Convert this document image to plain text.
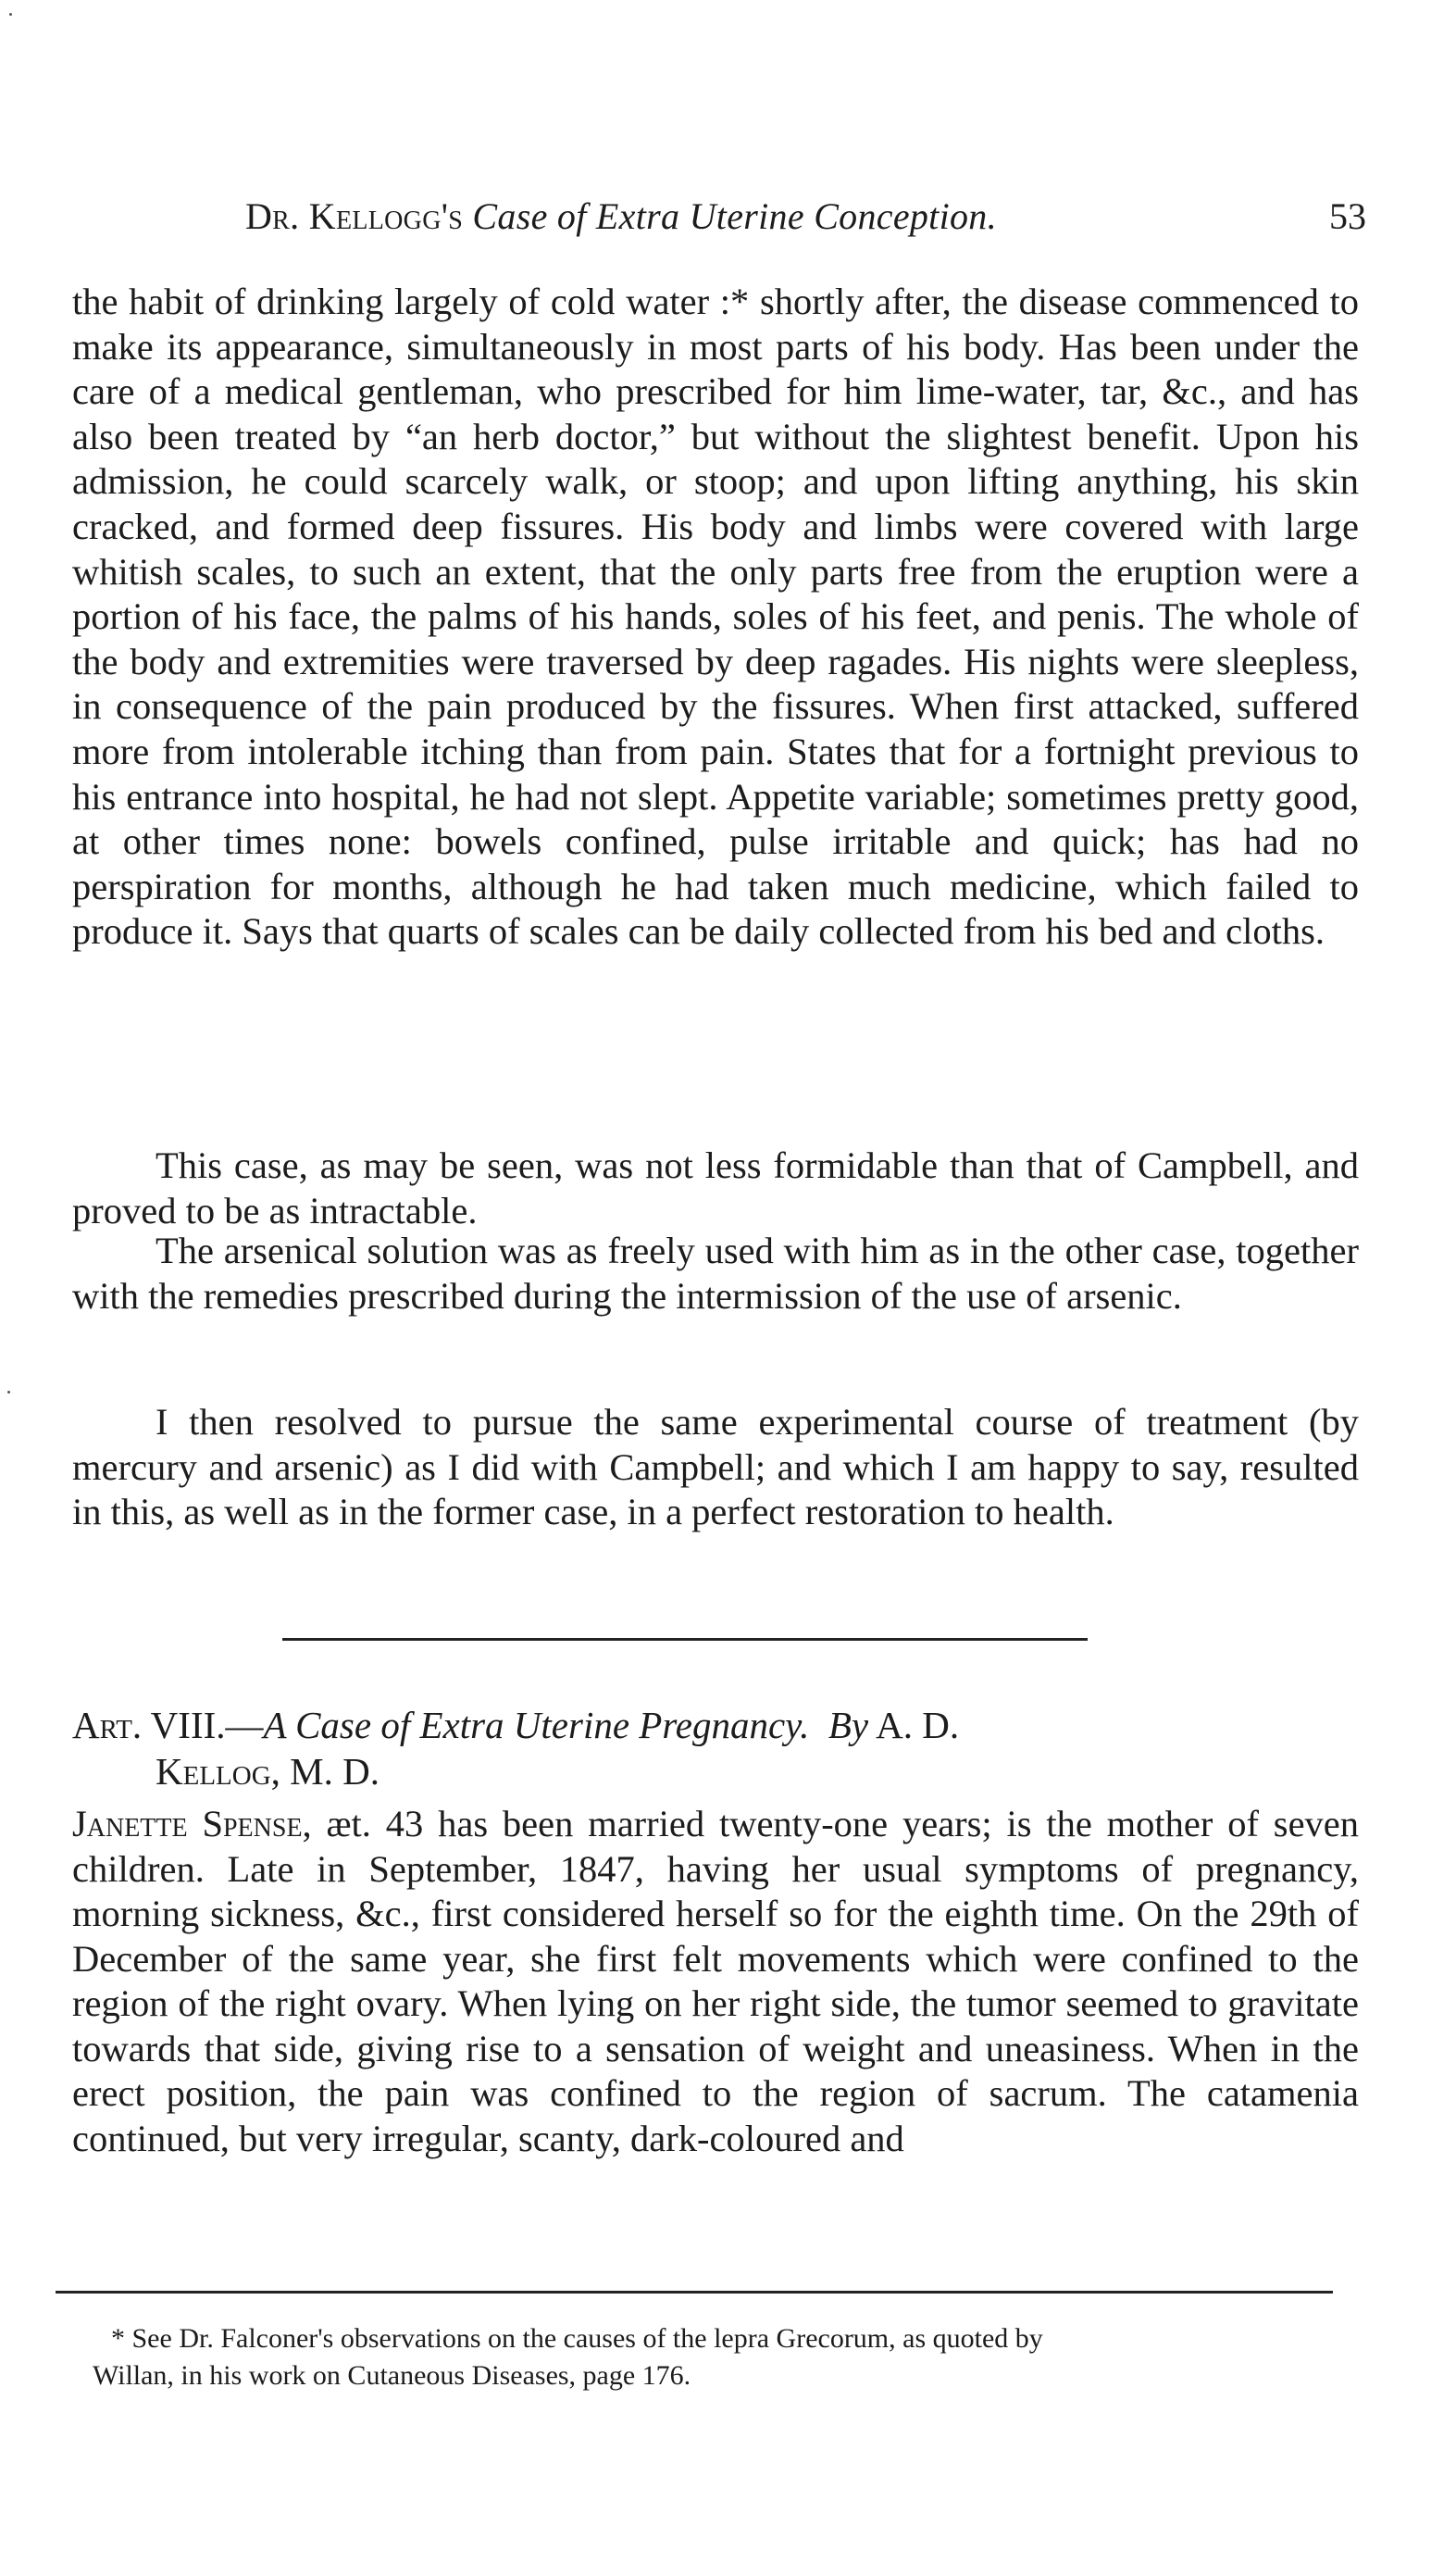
Dr. Kellogg's Case of Extra Uterine Conception.	53

the habit of drinking largely of cold water :* shortly after, the disease commenced to make its appearance, simultaneously in most parts of his body. Has been under the care of a medical gentleman, who prescribed for him lime-water, tar, &c., and has also been treated by “an herb doctor,” but without the slightest benefit. Upon his admission, he could scarcely walk, or stoop; and upon lifting anything, his skin cracked, and formed deep fissures. His body and limbs were covered with large whitish scales, to such an extent, that the only parts free from the eruption were a portion of his face, the palms of his hands, soles of his feet, and penis. The whole of the body and extremities were traversed by deep ragades. His nights were sleepless, in consequence of the pain produced by the fissures. When first attacked, suffered more from intolerable itching than from pain. States that for a fortnight previous to his entrance into hospital, he had not slept. Appetite variable; sometimes pretty good, at other times none: bowels confined, pulse irritable and quick; has had no perspiration for months, although he had taken much medicine, which failed to produce it. Says that quarts of scales can be daily collected from his bed and cloths.

This case, as may be seen, was not less formidable than that of Campbell, and proved to be as intractable.

The arsenical solution was as freely used with him as in the other case, together with the remedies prescribed during the intermission of the use of arsenic.

I then resolved to pursue the same experimental course of treatment (by mercury and arsenic) as I did with Campbell; and which I am happy to say, resulted in this, as well as in the former case, in a perfect restoration to health.

Art. VIII.—A Case of Extra Uterine Pregnancy. By A. D.
Kellog, M. D.

Janette Spense, æt. 43 has been married twenty-one years; is the mother of seven children. Late in September, 1847, having her usual symptoms of pregnancy, morning sickness, &c., first considered herself so for the eighth time. On the 29th of December of the same year, she first felt movements which were confined to the region of the right ovary. When lying on her right side, the tumor seemed to gravitate towards that side, giving rise to a sensation of weight and uneasiness. When in the erect position, the pain was confined to the region of sacrum. The catamenia continued, but very irregular, scanty, dark-coloured and

* See Dr. Falconer's observations on the causes of the lepra Grecorum, as quoted by
Willan, in his work on Cutaneous Diseases, page 176.
